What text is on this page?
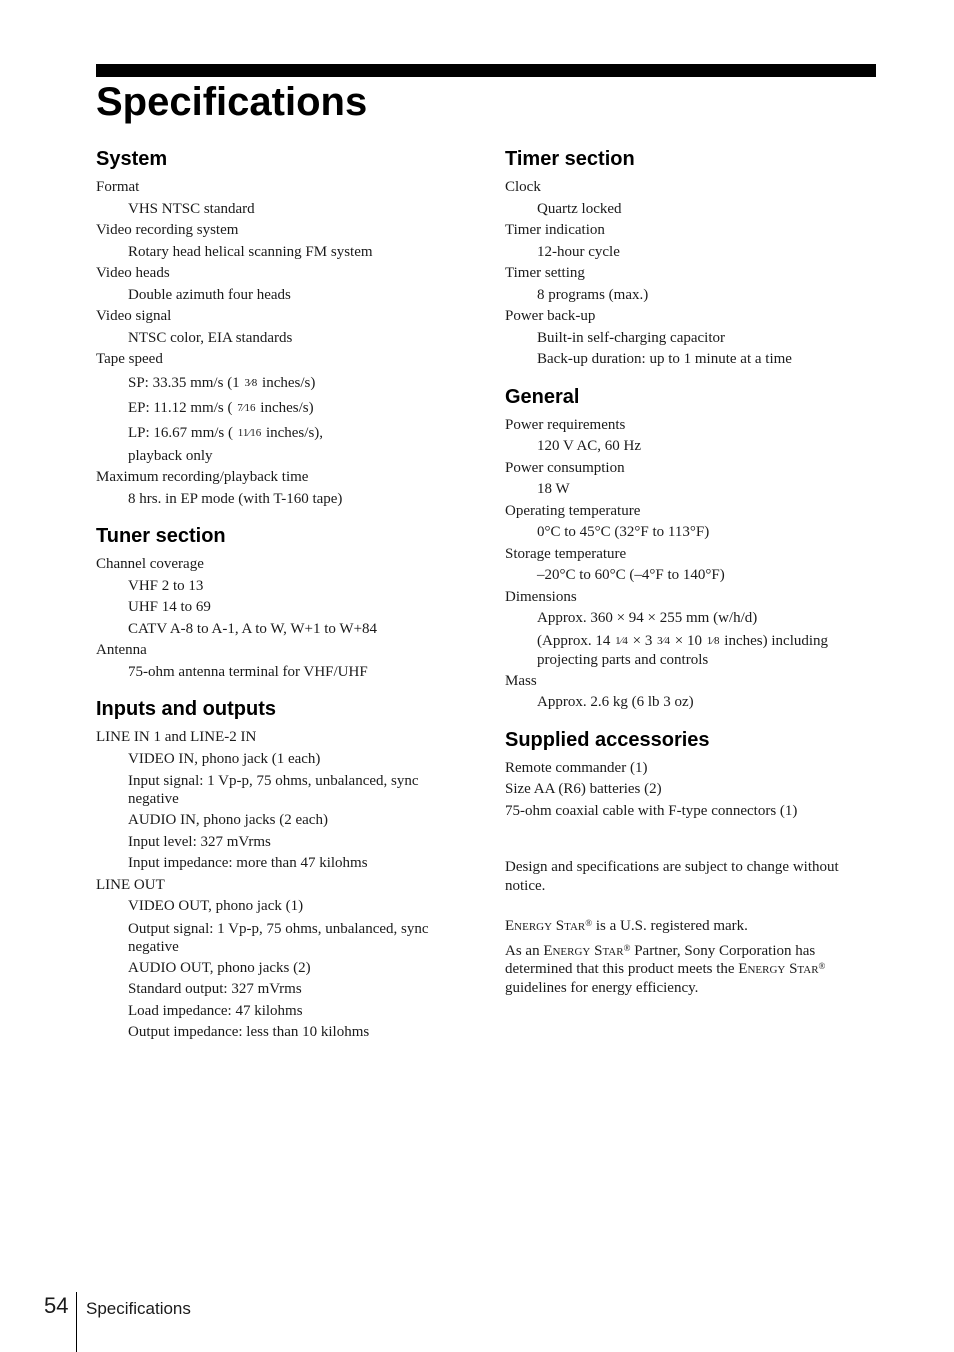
Specifications
System
Format
VHS NTSC standard
Video recording system
Rotary head helical scanning FM system
Video heads
Double azimuth four heads
Video signal
NTSC color, EIA standards
Tape speed
SP: 33.35 mm/s (1 3⁄8 inches/s)
EP: 11.12 mm/s ( 7⁄16 inches/s)
LP: 16.67 mm/s ( 11⁄16 inches/s),
playback only
Maximum recording/playback time
8 hrs. in EP mode (with T-160 tape)
Tuner section
Channel coverage
VHF 2 to 13
UHF 14 to 69
CATV A-8 to A-1, A to W, W+1 to W+84
Antenna
75-ohm antenna terminal for VHF/UHF
Inputs and outputs
LINE IN 1 and LINE-2 IN
VIDEO IN, phono jack (1 each)
Input signal: 1 Vp-p, 75 ohms, unbalanced, sync negative
AUDIO IN, phono jacks (2 each)
Input level: 327 mVrms
Input impedance: more than 47 kilohms
LINE OUT
VIDEO OUT, phono jack (1)
Output signal: 1 Vp-p, 75 ohms, unbalanced, sync negative
AUDIO OUT, phono jacks (2)
Standard output: 327 mVrms
Load impedance: 47 kilohms
Output impedance: less than 10 kilohms
Timer section
Clock
Quartz locked
Timer indication
12-hour cycle
Timer setting
8 programs (max.)
Power back-up
Built-in self-charging capacitor
Back-up duration: up to 1 minute at a time
General
Power requirements
120 V AC, 60 Hz
Power consumption
18 W
Operating temperature
0°C to 45°C (32°F to 113°F)
Storage temperature
–20°C to 60°C (–4°F to 140°F)
Dimensions
Approx. 360 × 94 × 255 mm (w/h/d)
(Approx. 14 1⁄4 × 3 3⁄4 × 10 1⁄8 inches) including projecting parts and controls
Mass
Approx. 2.6 kg (6 lb 3 oz)
Supplied accessories
Remote commander (1)
Size AA (R6) batteries (2)
75-ohm coaxial cable with F-type connectors (1)
Design and specifications are subject to change without notice.
Energy Star® is a U.S. registered mark.
As an Energy Star® Partner, Sony Corporation has determined that this product meets the Energy Star® guidelines for energy efficiency.
54 Specifications
